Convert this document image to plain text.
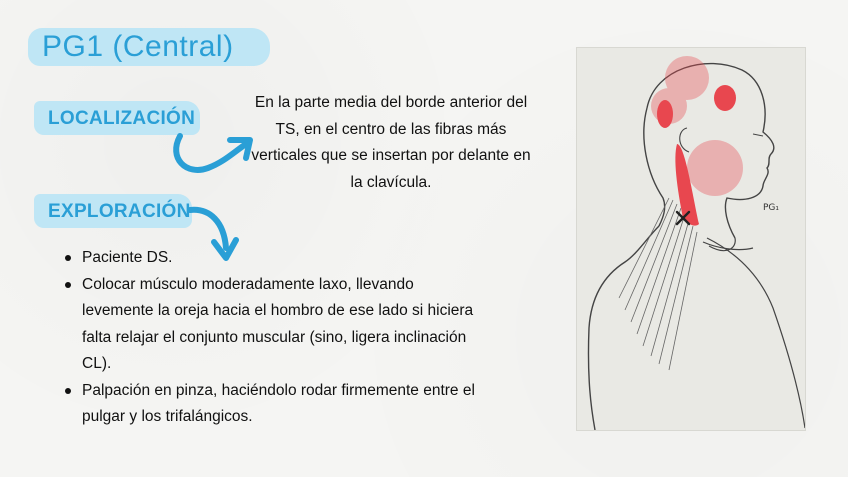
PG1 (Central)
LOCALIZACIÓN
En la parte media del borde anterior del TS, en el centro de las fibras más verticales que se insertan por delante en la clavícula.
EXPLORACIÓN
Paciente DS.
Colocar músculo moderadamente laxo, llevando levemente la oreja hacia el hombro de ese lado si hiciera falta relajar el conjunto muscular (sino, ligera inclinación CL).
Palpación en pinza, haciéndolo rodar firmemente entre el pulgar y los trifalángicos.
PG₁
